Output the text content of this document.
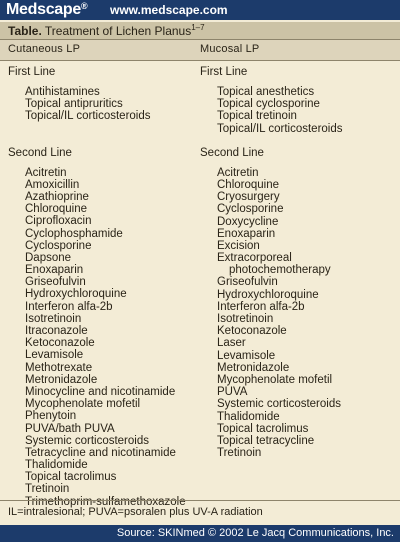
Medscape® www.medscape.com
Table. Treatment of Lichen Planus$^{1-7}$
Cutaneous LP	Mucosal LP
First Line
Antihistamines
Topical antipruritics
Topical/IL corticosteroids
Second Line
Acitretin
Amoxicillin
Azathioprine
Chloroquine
Ciprofloxacin
Cyclophosphamide
Cyclosporine
Dapsone
Enoxaparin
Griseofulvin
Hydroxychloroquine
Interferon alfa-2b
Isotretinoin
Itraconazole
Ketoconazole
Levamisole
Methotrexate
Metronidazole
Minocycline and nicotinamide
Mycophenolate mofetil
Phenytoin
PUVA/bath PUVA
Systemic corticosteroids
Tetracycline and nicotinamide
Thalidomide
Topical tacrolimus
Tretinoin
Trimethoprim-sulfamethoxazole
First Line
Topical anesthetics
Topical cyclosporine
Topical tretinoin
Topical/IL corticosteroids
Second Line
Acitretin
Chloroquine
Cryosurgery
Cyclosporine
Doxycycline
Enoxaparin
Excision
Extracorporeal
photochemotherapy
Griseofulvin
Hydroxychloroquine
Interferon alfa-2b
Isotretinoin
Ketoconazole
Laser
Levamisole
Metronidazole
Mycophenolate mofetil
PUVA
Systemic corticosteroids
Thalidomide
Topical tacrolimus
Topical tetracycline
Tretinoin
IL=intralesional; PUVA=psoralen plus UV-A radiation
Source: SKINmed © 2002 Le Jacq Communications, Inc.
